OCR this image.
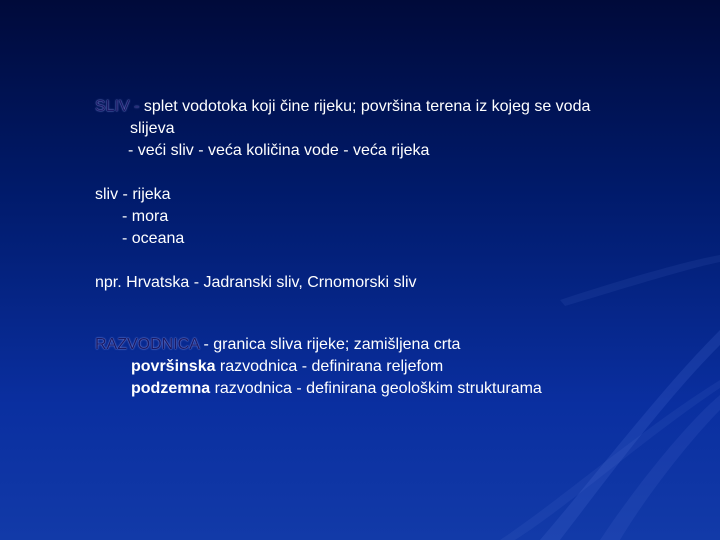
SLIV - splet vodotoka koji čine rijeku; površina terena iz kojeg se voda
slijeva
- veći sliv - veća količina vode - veća rijeka
sliv - rijeka
- mora
- oceana
npr. Hrvatska - Jadranski sliv, Crnomorski sliv
RAZVODNICA - granica sliva rijeke; zamišljena crta
površinska razvodnica - definirana reljefom
podzemna razvodnica - definirana geološkim strukturama
